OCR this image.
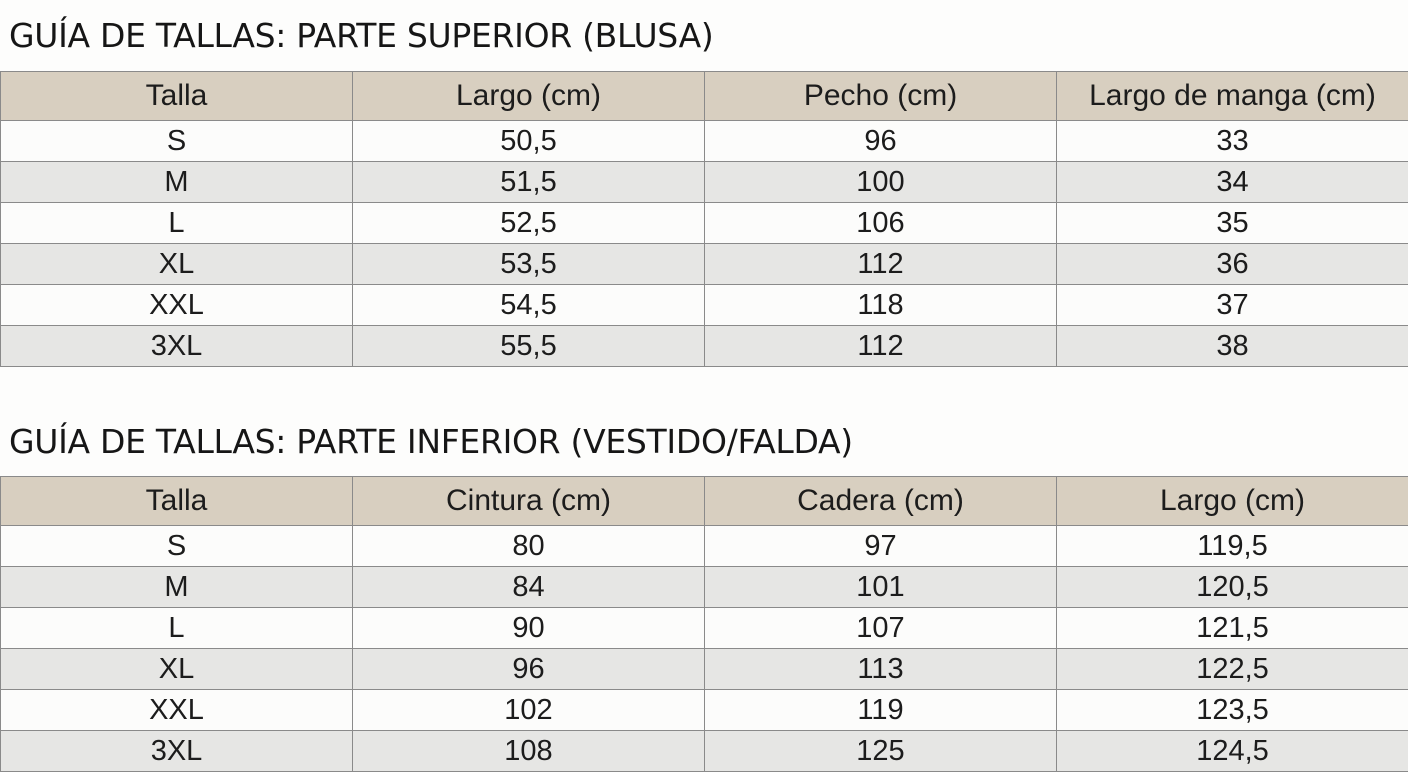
GUÍA DE TALLAS: PARTE SUPERIOR (BLUSA)
Talla	Largo (cm)	Pecho (cm)	Largo de manga (cm)
S	50,5	96	33
M	51,5	100	34
L	52,5	106	35
XL	53,5	112	36
XXL	54,5	118	37
3XL	55,5	112	38
GUÍA DE TALLAS: PARTE INFERIOR (VESTIDO/FALDA)
Talla	Cintura (cm)	Cadera (cm)	Largo (cm)
S	80	97	119,5
M	84	101	120,5
L	90	107	121,5
XL	96	113	122,5
XXL	102	119	123,5
3XL	108	125	124,5
